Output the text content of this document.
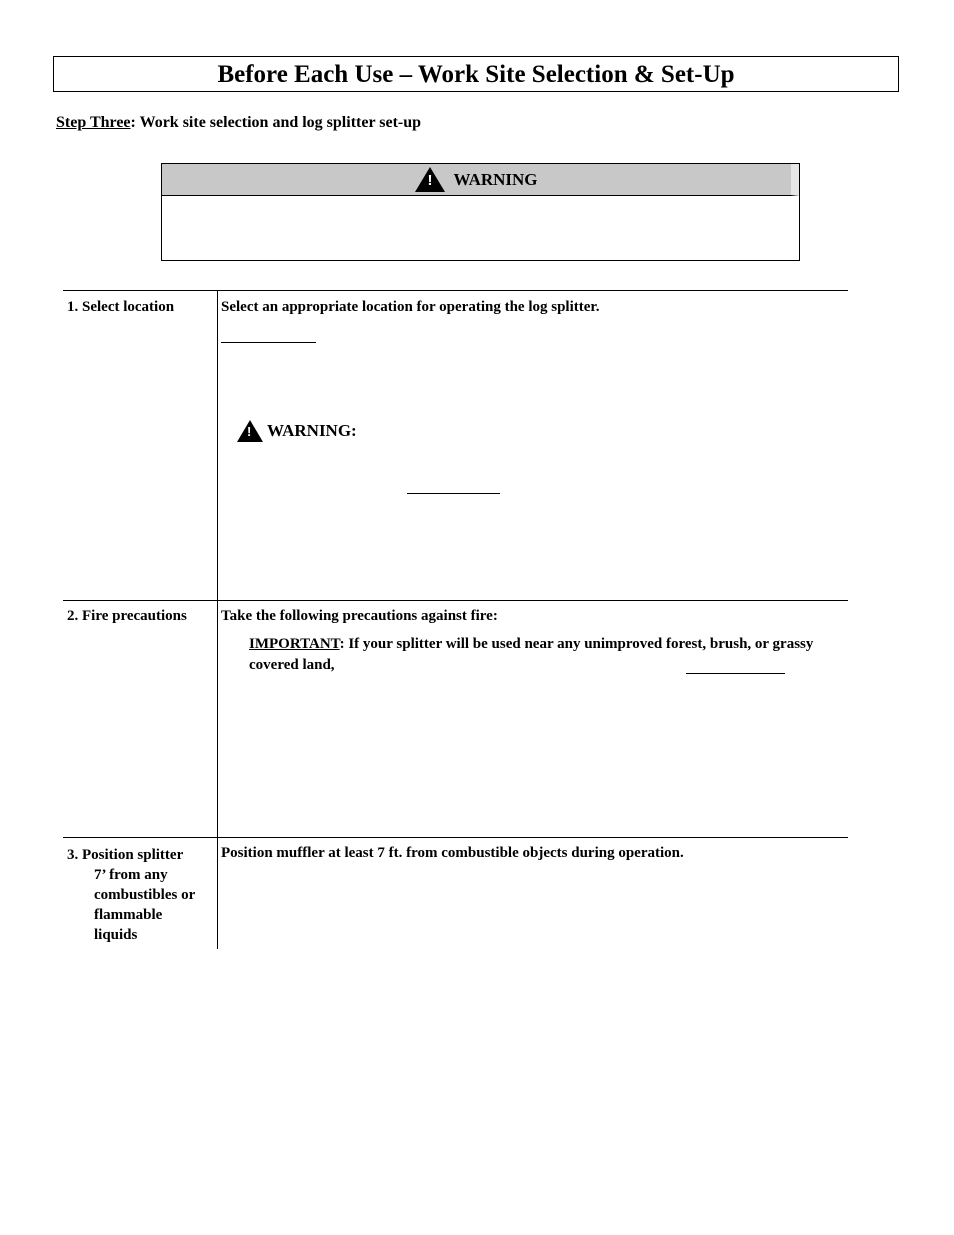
Before Each Use – Work Site Selection & Set-Up
Step Three: Work site selection and log splitter set-up
!
WARNING
1. Select location	Select an appropriate location for operating the log splitter.
!
WARNING:
2. Fire precautions Take the following precautions against fire:
IMPORTANT: If your splitter will be used near any unimproved forest, brush, or grassy covered land,
3. Position splitter
7’ from any
combustibles or
flammable
liquids
Position muffler at least 7 ft. from combustible objects during operation.
